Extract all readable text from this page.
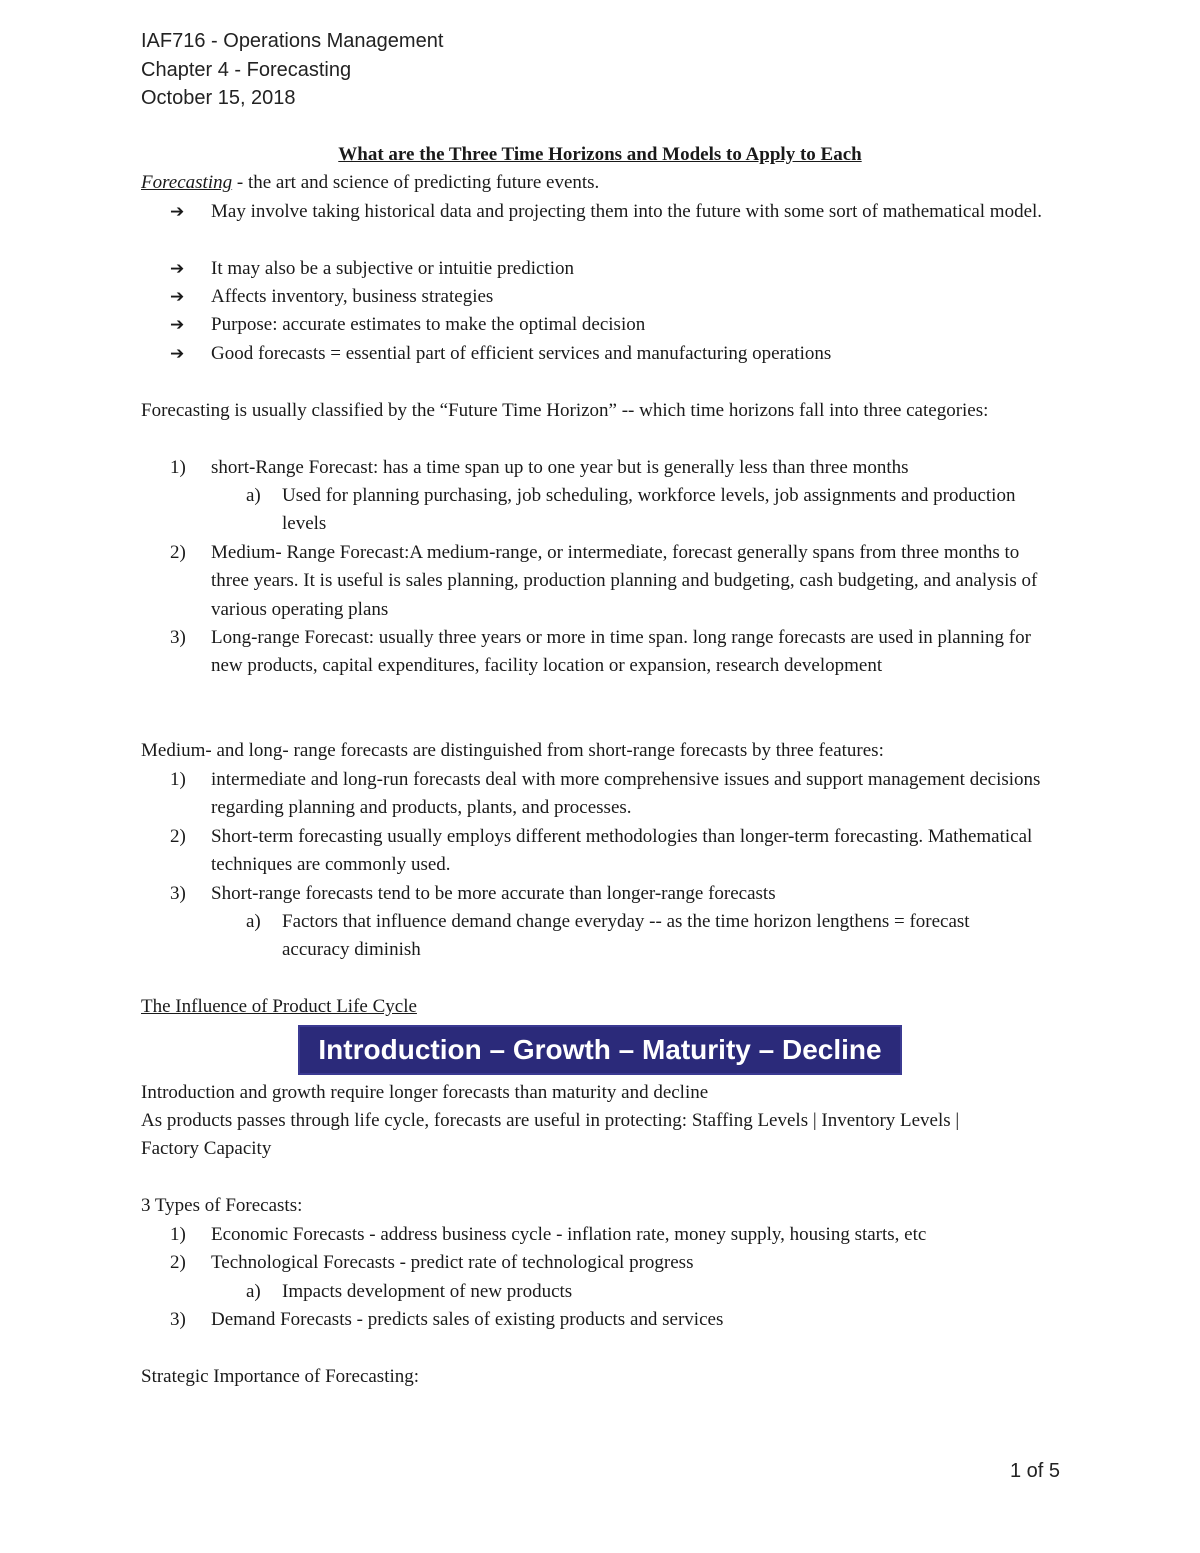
IAF716 - Operations Management
Chapter 4 - Forecasting
October 15, 2018
What are the Three Time Horizons and Models to Apply to Each
Forecasting - the art and science of predicting future events.
➔	May involve taking historical data and projecting them into the future with some sort of mathematical model.
➔	It may also be a subjective or intuitie prediction
➔	Affects inventory, business strategies
➔	Purpose: accurate estimates to make the optimal decision
➔	Good forecasts = essential part of efficient services and manufacturing operations
Forecasting is usually classified by the “Future Time Horizon” -- which time horizons fall into three categories:
1)	short-Range Forecast: has a time span up to one year but is generally less than three months
a)	Used for planning purchasing, job scheduling, workforce levels, job assignments and production levels
2)	Medium- Range Forecast:A medium-range, or intermediate, forecast generally spans from three months to three years. It is useful is sales planning, production planning and budgeting, cash budgeting, and analysis of various operating plans
3)	Long-range Forecast: usually three years or more in time span. long range forecasts are used in planning for new products, capital expenditures, facility location or expansion, research development
Medium- and long- range forecasts are distinguished from short-range forecasts by three features:
1)	intermediate and long-run forecasts deal with more comprehensive issues and support management decisions regarding planning and products, plants, and processes.
2)	Short-term forecasting usually employs different methodologies than longer-term forecasting. Mathematical techniques are commonly used.
3)	Short-range forecasts tend to be more accurate than longer-range forecasts
a)	Factors that influence demand change everyday -- as the time horizon lengthens = forecast accuracy diminish
The Influence of Product Life Cycle
Introduction – Growth – Maturity – Decline
Introduction and growth require longer forecasts than maturity and decline
As products passes through life cycle, forecasts are useful in protecting: Staffing Levels | Inventory Levels | Factory Capacity
3 Types of Forecasts:
1)	Economic Forecasts - address business cycle - inflation rate, money supply, housing starts, etc
2)	Technological Forecasts - predict rate of technological progress
a)	Impacts development of new products
3)	Demand Forecasts - predicts sales of existing products and services
Strategic Importance of Forecasting:
1 of 5
